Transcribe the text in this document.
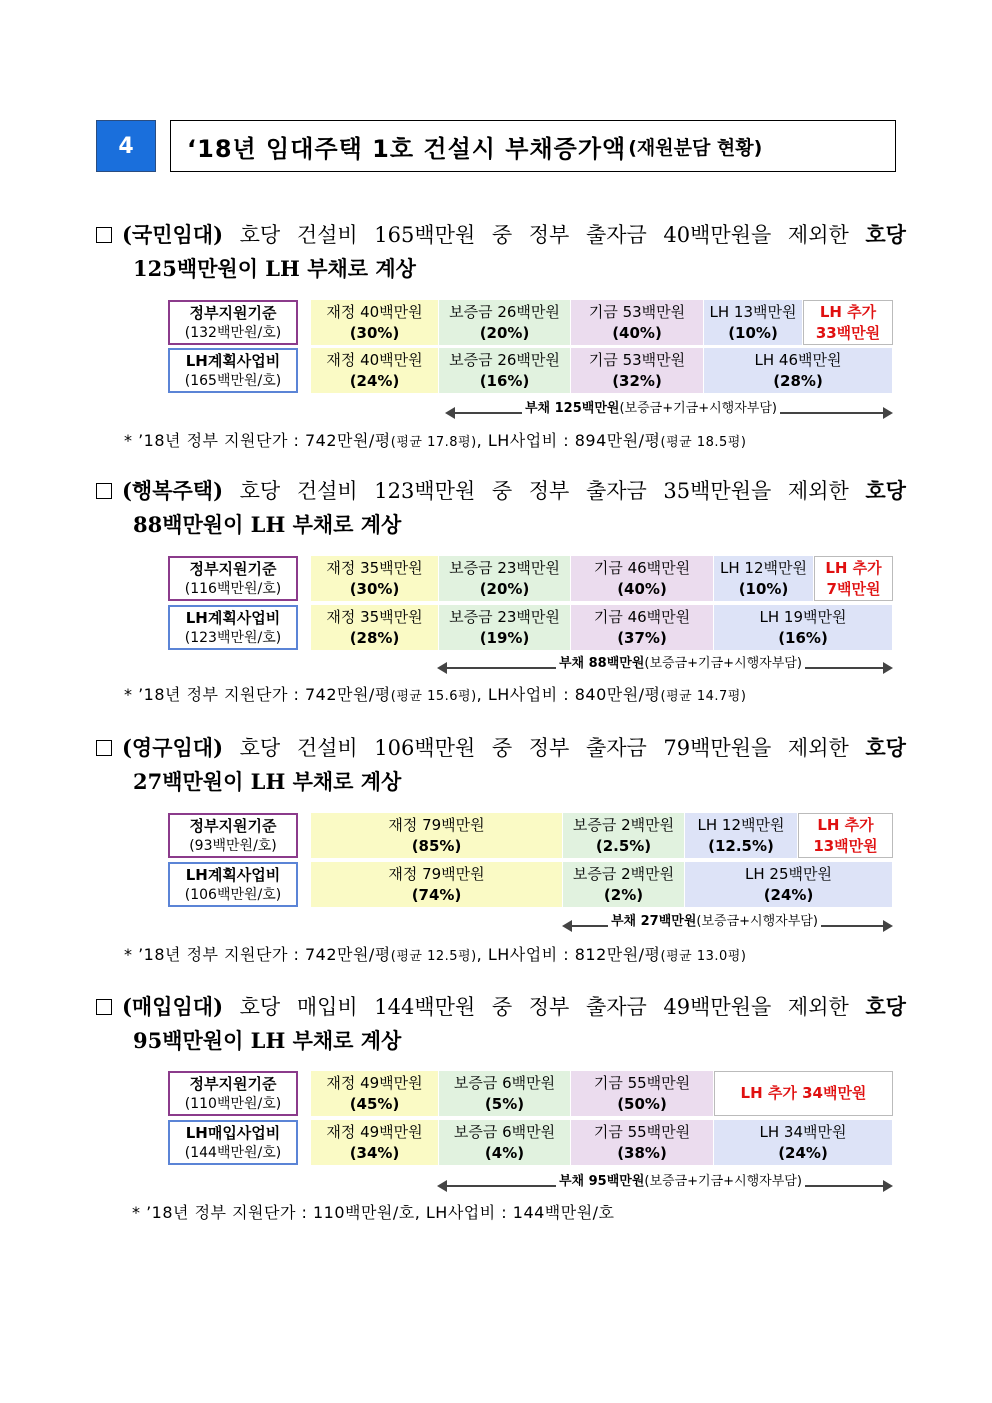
4	‘18년 임대주택 1호 건설시 부채증가액 (재원분담 현황)
(국민임대) 호당 건설비 165백만원 중 정부 출자금 40백만원을 제외한 호당
125백만원이 LH 부채로 계상
정부지원기준
(132백만원/호)
재정 40백만원
(30%)
보증금 26백만원
(20%)
기금 53백만원
(40%)
LH 13백만원
(10%)
LH 추가
33백만원
LH계획사업비
(165백만원/호)
재정 40백만원
(24%)
보증금 26백만원
(16%)
기금 53백만원
(32%)
LH 46백만원
(28%)
부채 125백만원(보증금+기금+시행자부담)
* ’18년 정부 지원단가 : 742만원/평(평균 17.8평), LH사업비 : 894만원/평(평균 18.5평)
(행복주택) 호당 건설비 123백만원 중 정부 출자금 35백만원을 제외한 호당
88백만원이 LH 부채로 계상
정부지원기준
(116백만원/호)
재정 35백만원
(30%)
보증금 23백만원
(20%)
기금 46백만원
(40%)
LH 12백만원
(10%)
LH 추가
7백만원
LH계획사업비
(123백만원/호)
재정 35백만원
(28%)
보증금 23백만원
(19%)
기금 46백만원
(37%)
LH 19백만원
(16%)
부채 88백만원(보증금+기금+시행자부담)
* ’18년 정부 지원단가 : 742만원/평(평균 15.6평), LH사업비 : 840만원/평(평균 14.7평)
(영구임대) 호당 건설비 106백만원 중 정부 출자금 79백만원을 제외한 호당
27백만원이 LH 부채로 계상
정부지원기준
(93백만원/호)
재정 79백만원
(85%)
보증금 2백만원
(2.5%)
LH 12백만원
(12.5%)
LH 추가
13백만원
LH계획사업비
(106백만원/호)
재정 79백만원
(74%)
보증금 2백만원
(2%)
LH 25백만원
(24%)
부채 27백만원(보증금+시행자부담)
* ’18년 정부 지원단가 : 742만원/평(평균 12.5평), LH사업비 : 812만원/평(평균 13.0평)
(매입임대) 호당 매입비 144백만원 중 정부 출자금 49백만원을 제외한 호당
95백만원이 LH 부채로 계상
정부지원기준
(110백만원/호)
재정 49백만원
(45%)
보증금 6백만원
(5%)
기금 55백만원
(50%)
LH 추가 34백만원
LH매입사업비
(144백만원/호)
재정 49백만원
(34%)
보증금 6백만원
(4%)
기금 55백만원
(38%)
LH 34백만원
(24%)
부채 95백만원(보증금+기금+시행자부담)
* ’18년 정부 지원단가 : 110백만원/호, LH사업비 : 144백만원/호
